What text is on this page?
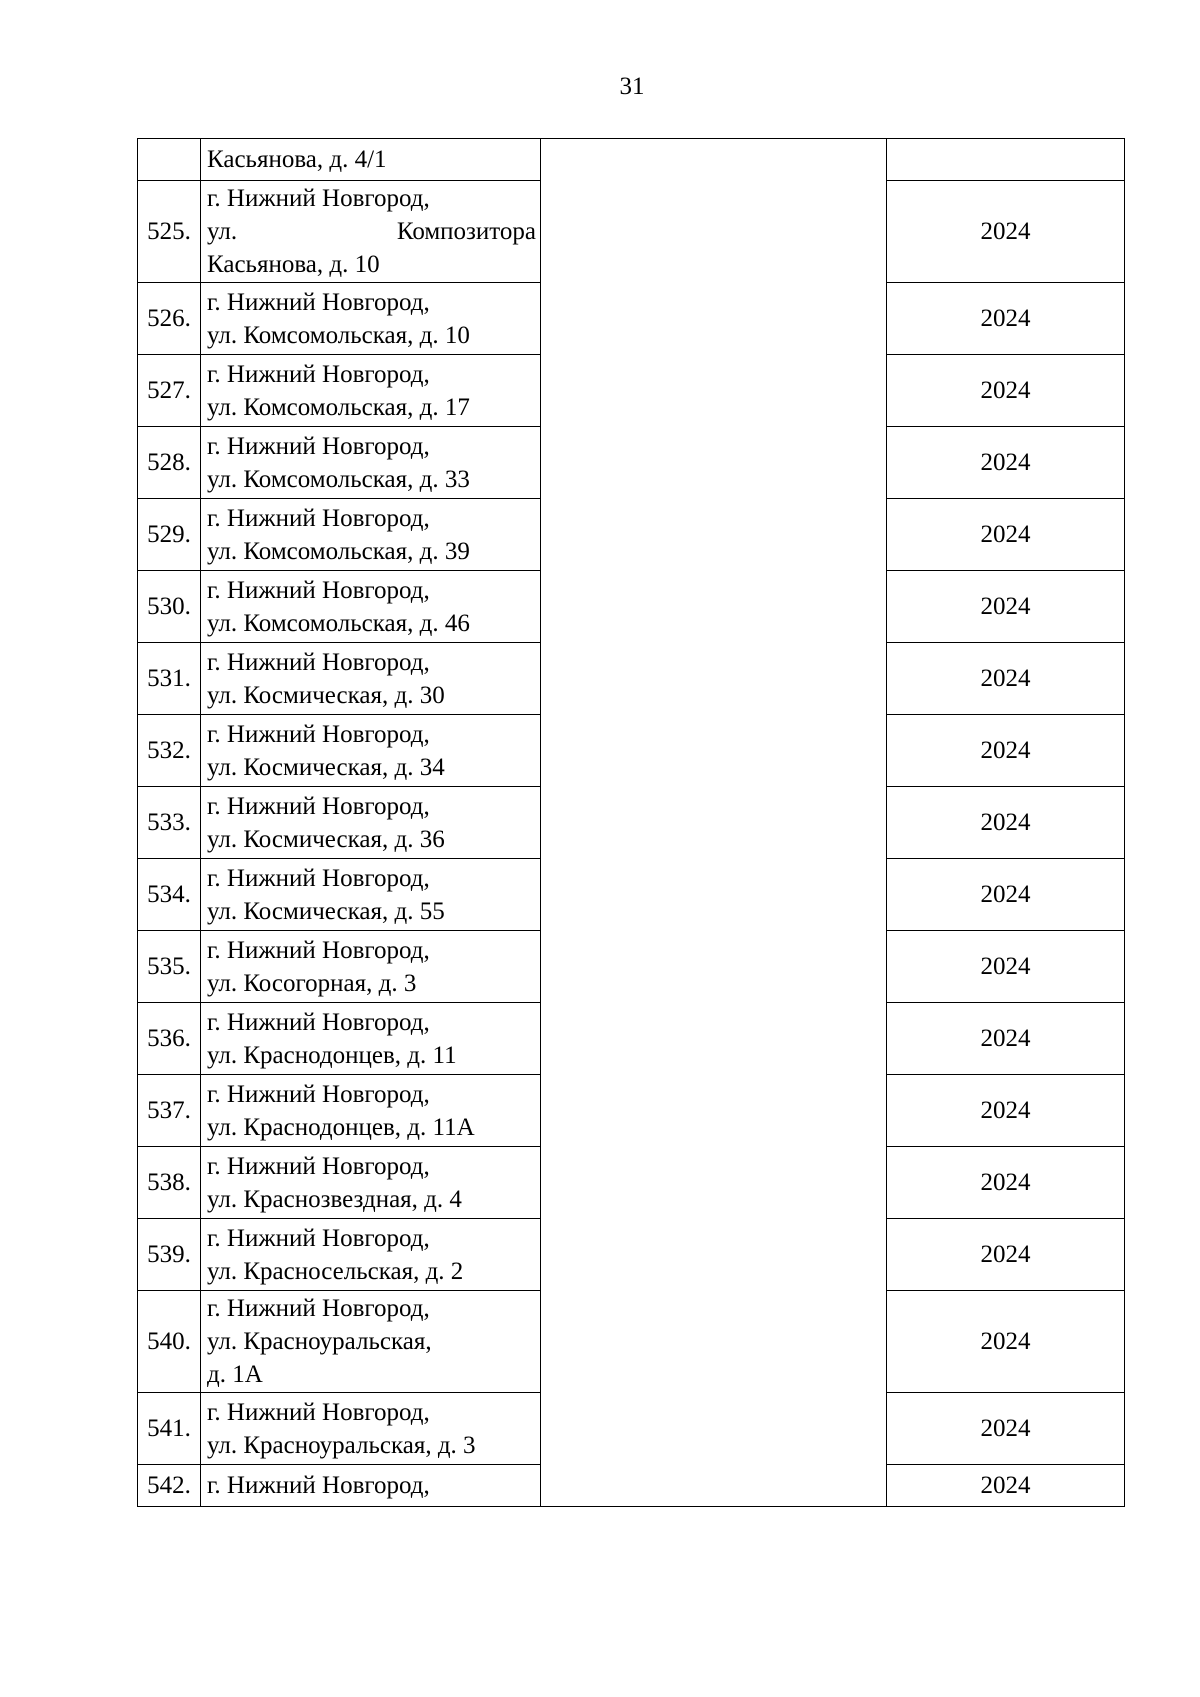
31

	Касьянова, д. 4/1		

525.	г. Нижний Новгород,
ул. Композитора
Касьянова, д. 10		2024
526.	г. Нижний Новгород,
ул. Комсомольская, д. 10		2024
527.	г. Нижний Новгород,
ул. Комсомольская, д. 17		2024
528.	г. Нижний Новгород,
ул. Комсомольская, д. 33		2024
529.	г. Нижний Новгород,
ул. Комсомольская, д. 39		2024
530.	г. Нижний Новгород,
ул. Комсомольская, д. 46		2024
531.	г. Нижний Новгород,
ул. Космическая, д. 30		2024
532.	г. Нижний Новгород,
ул. Космическая, д. 34		2024
533.	г. Нижний Новгород,
ул. Космическая, д. 36		2024
534.	г. Нижний Новгород,
ул. Космическая, д. 55		2024
535.	г. Нижний Новгород,
ул. Косогорная, д. 3		2024
536.	г. Нижний Новгород,
ул. Краснодонцев, д. 11		2024
537.	г. Нижний Новгород,
ул. Краснодонцев, д. 11А		2024
538.	г. Нижний Новгород,
ул. Краснозвездная, д. 4		2024
539.	г. Нижний Новгород,
ул. Красносельская, д. 2		2024
540.	г. Нижний Новгород,
ул. Красноуральская,
д. 1А		2024
541.	г. Нижний Новгород,
ул. Красноуральская, д. 3		2024
542.	г. Нижний Новгород,		2024
